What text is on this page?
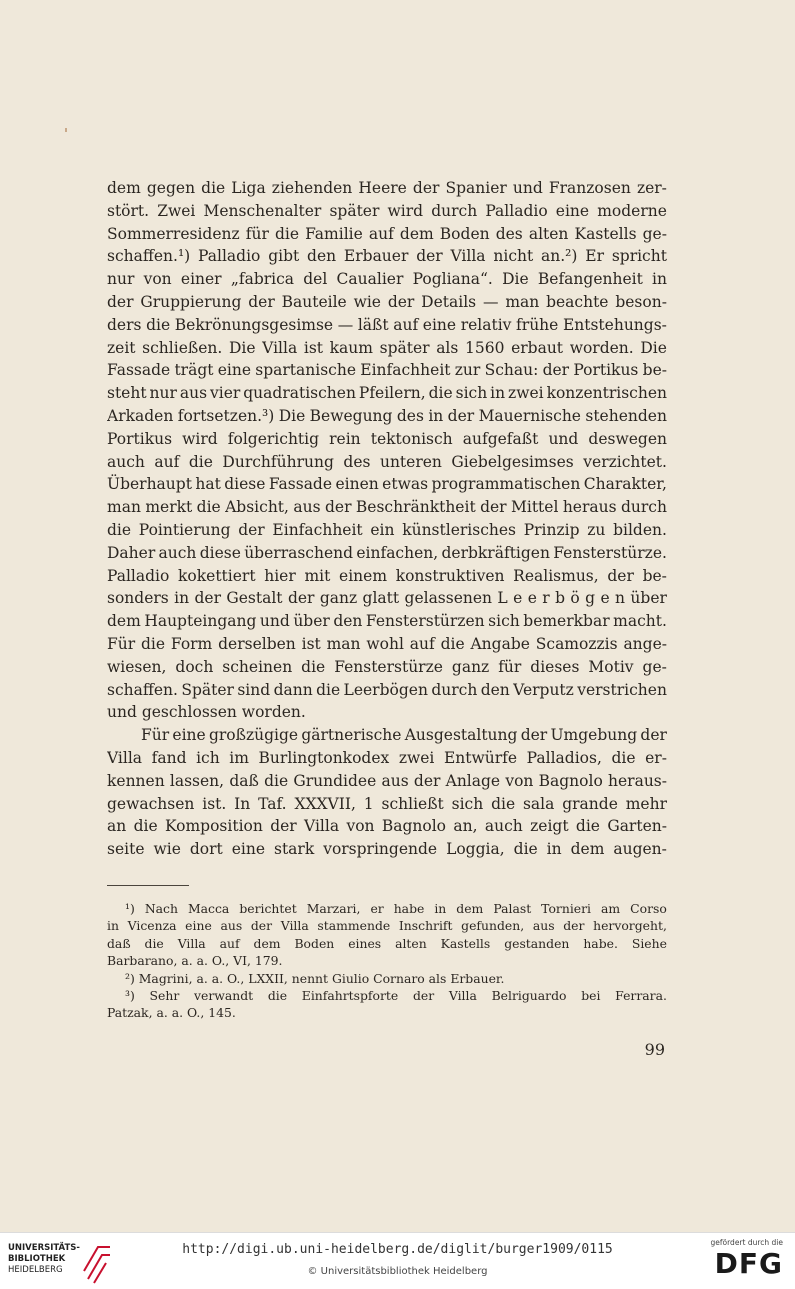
dem gegen die Liga ziehenden Heere der Spanier und Franzosen zer-
stört. Zwei Menschenalter später wird durch Palladio eine moderne
Sommerresidenz für die Familie auf dem Boden des alten Kastells ge-
schaffen.¹) Palladio gibt den Erbauer der Villa nicht an.²) Er spricht
nur von einer „fabrica del Caualier Pogliana“. Die Befangenheit in
der Gruppierung der Bauteile wie der Details — man beachte beson-
ders die Bekrönungsgesimse — läßt auf eine relativ frühe Entstehungs-
zeit schließen. Die Villa ist kaum später als 1560 erbaut worden. Die
Fassade trägt eine spartanische Einfachheit zur Schau: der Portikus be-
steht nur aus vier quadratischen Pfeilern, die sich in zwei konzentrischen
Arkaden fortsetzen.³) Die Bewegung des in der Mauernische stehenden
Portikus wird folgerichtig rein tektonisch aufgefaßt und deswegen
auch auf die Durchführung des unteren Giebelgesimses verzichtet.
Überhaupt hat diese Fassade einen etwas programmatischen Charakter,
man merkt die Absicht, aus der Beschränktheit der Mittel heraus durch
die Pointierung der Einfachheit ein künstlerisches Prinzip zu bilden.
Daher auch diese überraschend einfachen, derbkräftigen Fensterstürze.
Palladio kokettiert hier mit einem konstruktiven Realismus, der be-
sonders in der Gestalt der ganz glatt gelassenen L e e r b ö g e n über
dem Haupteingang und über den Fensterstürzen sich bemerkbar macht.
Für die Form derselben ist man wohl auf die Angabe Scamozzis ange-
wiesen, doch scheinen die Fensterstürze ganz für dieses Motiv ge-
schaffen. Später sind dann die Leerbögen durch den Verputz verstrichen
und geschlossen worden.
Für eine großzügige gärtnerische Ausgestaltung der Umgebung der
Villa fand ich im Burlingtonkodex zwei Entwürfe Palladios, die er-
kennen lassen, daß die Grundidee aus der Anlage von Bagnolo heraus-
gewachsen ist. In Taf. XXXVII, 1 schließt sich die sala grande mehr
an die Komposition der Villa von Bagnolo an, auch zeigt die Garten-
seite wie dort eine stark vorspringende Loggia, die in dem augen-
¹) Nach Macca berichtet Marzari, er habe in dem Palast Tornieri am Corso
in Vicenza eine aus der Villa stammende Inschrift gefunden, aus der hervorgeht,
daß die Villa auf dem Boden eines alten Kastells gestanden habe. Siehe
Barbarano, a. a. O., VI, 179.
²) Magrini, a. a. O., LXXII, nennt Giulio Cornaro als Erbauer.
³) Sehr verwandt die Einfahrtspforte der Villa Belriguardo bei Ferrara.
Patzak, a. a. O., 145.
99
UNIVERSITÄTS-
BIBLIOTHEK
HEIDELBERG
http://digi.ub.uni-heidelberg.de/diglit/burger1909/0115
© Universitätsbibliothek Heidelberg
gefördert durch die
DFG
